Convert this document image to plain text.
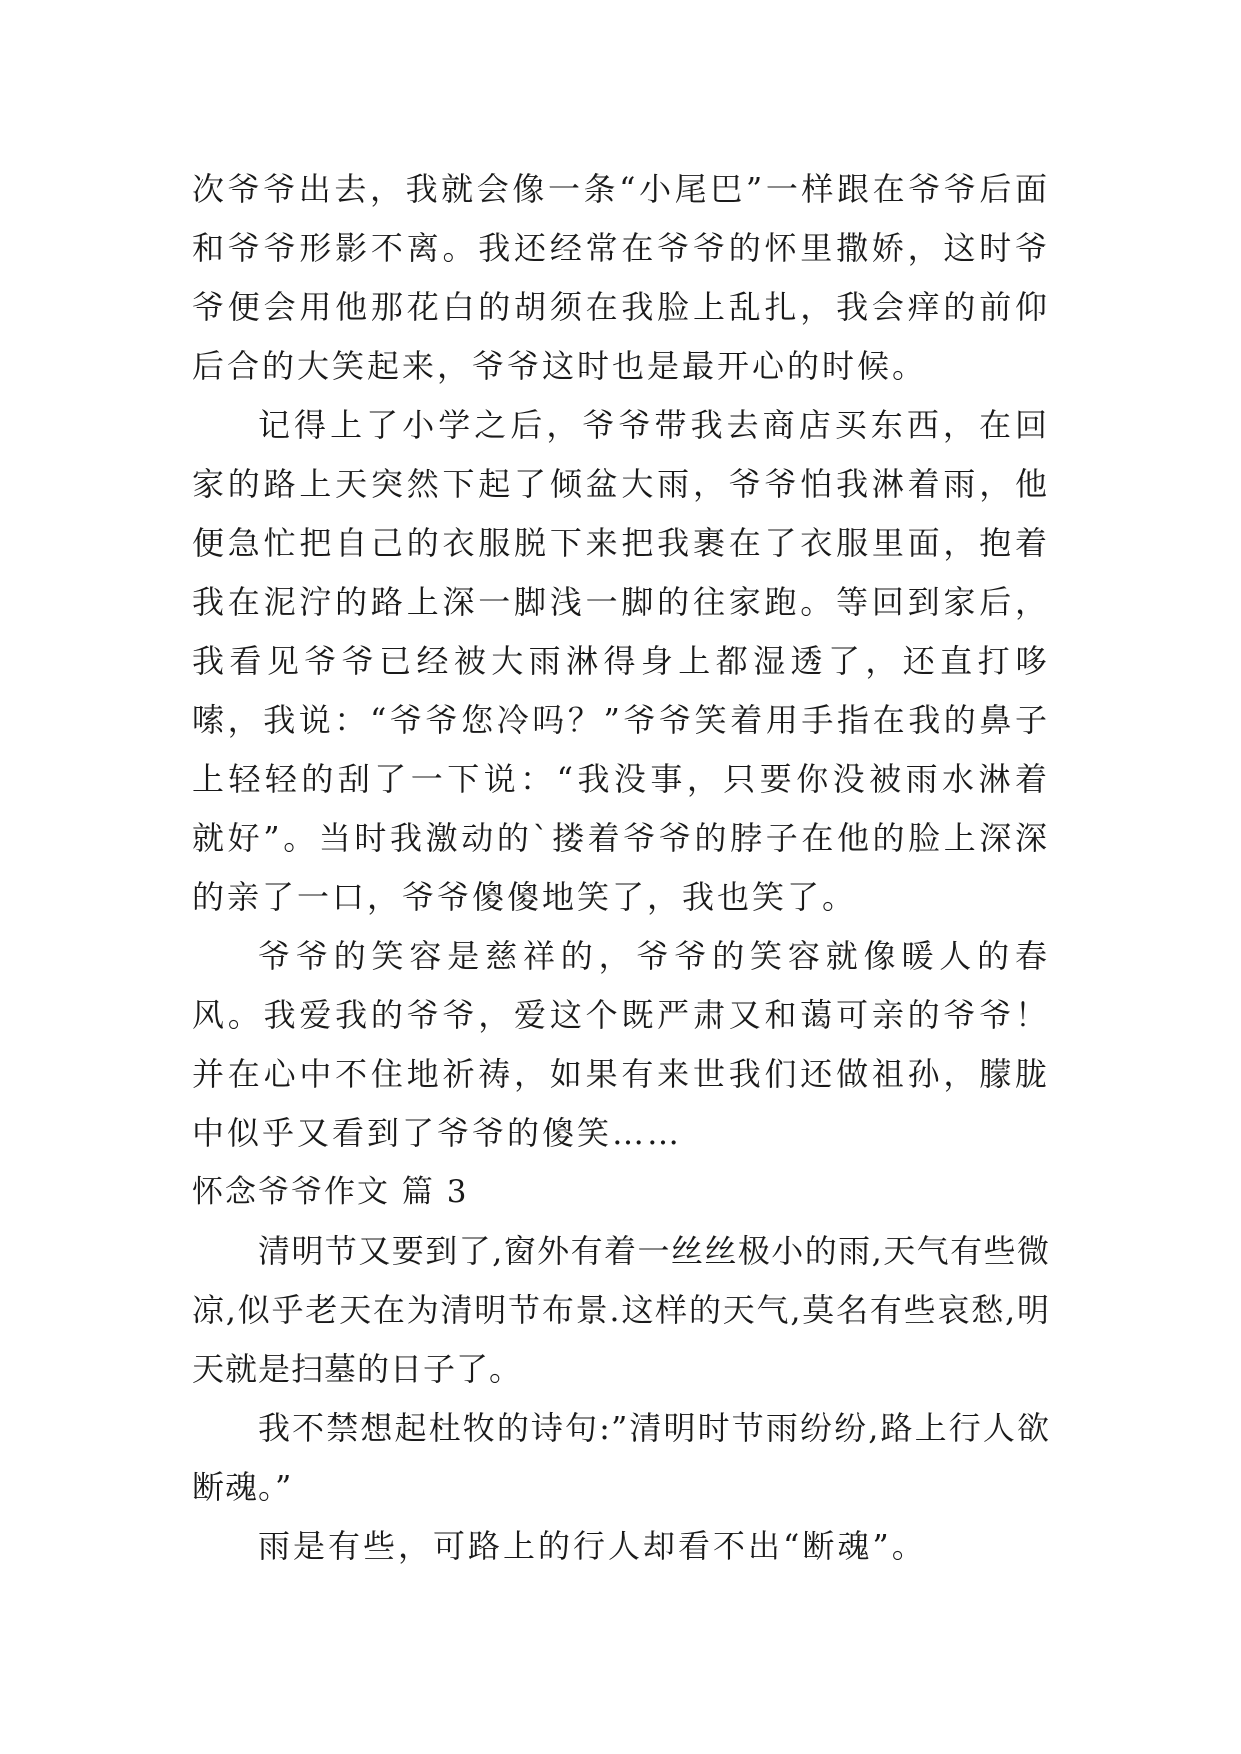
次爷爷出去，我就会像一条“小尾巴”一样跟在爷爷后面和爷爷形影不离。我还经常在爷爷的怀里撒娇，这时爷爷便会用他那花白的胡须在我脸上乱扎，我会痒的前仰后合的大笑起来，爷爷这时也是最开心的时候。

记得上了小学之后，爷爷带我去商店买东西，在回家的路上天突然下起了倾盆大雨，爷爷怕我淋着雨，他便急忙把自己的衣服脱下来把我裹在了衣服里面，抱着我在泥泞的路上深一脚浅一脚的往家跑。等回到家后，我看见爷爷已经被大雨淋得身上都湿透了，还直打哆嗦，我说：“爷爷您冷吗？”爷爷笑着用手指在我的鼻子上轻轻的刮了一下说：“我没事，只要你没被雨水淋着就好”。当时我激动的`搂着爷爷的脖子在他的脸上深深的亲了一口，爷爷傻傻地笑了，我也笑了。

爷爷的笑容是慈祥的，爷爷的笑容就像暖人的春风。我爱我的爷爷，爱这个既严肃又和蔼可亲的爷爷！并在心中不住地祈祷，如果有来世我们还做祖孙，朦胧中似乎又看到了爷爷的傻笑……

怀念爷爷作文 篇 3

清明节又要到了,窗外有着一丝丝极小的雨,天气有些微凉,似乎老天在为清明节布景.这样的天气,莫名有些哀愁,明天就是扫墓的日子了。

我不禁想起杜牧的诗句:”清明时节雨纷纷,路上行人欲断魂。”

雨是有些，可路上的行人却看不出“断魂”。
